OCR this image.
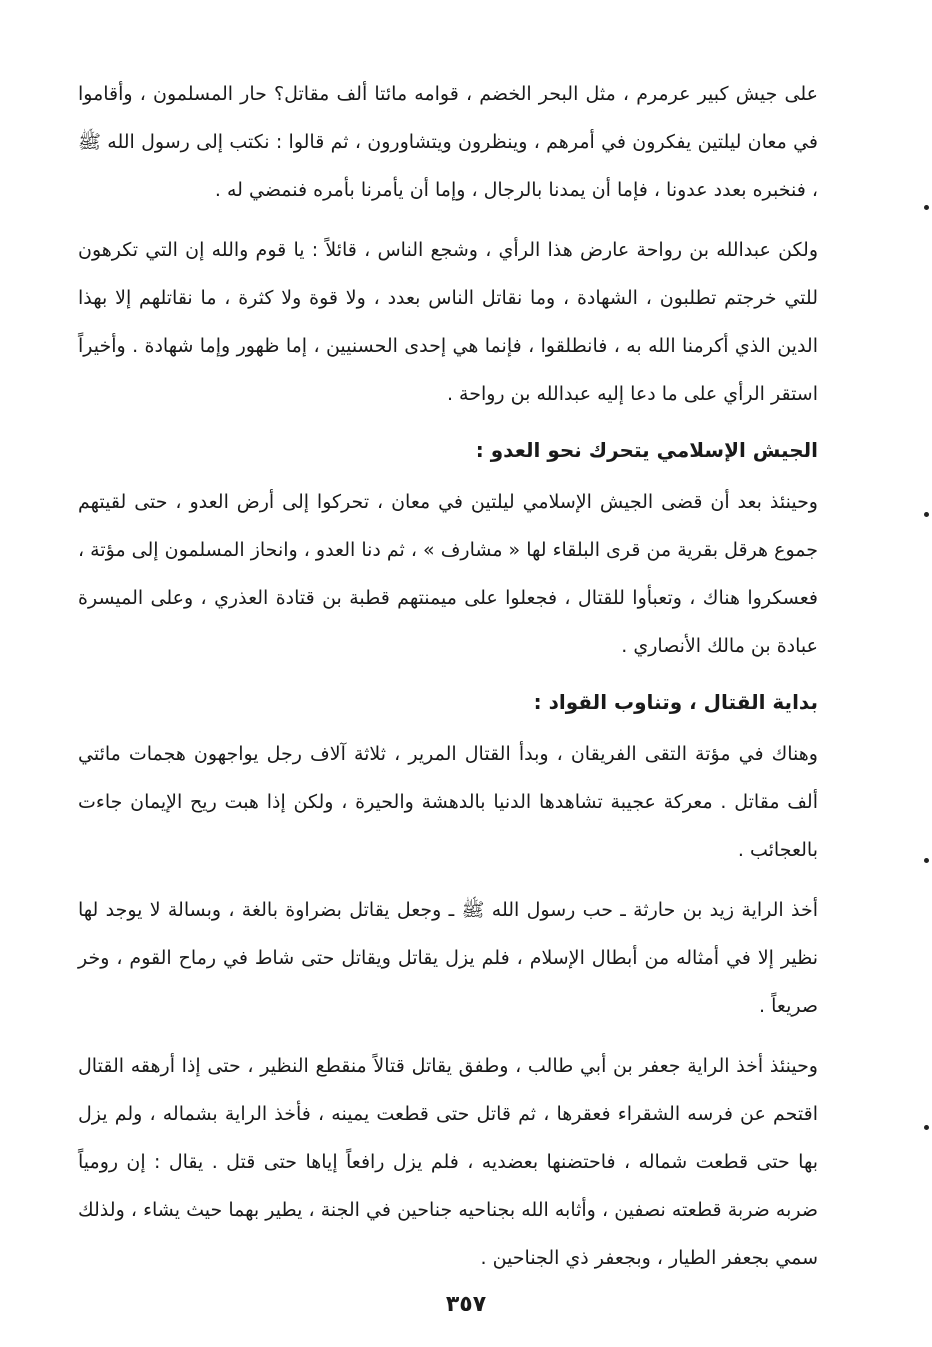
على جيش كبير عرمرم ، مثل البحر الخضم ، قوامه مائتا ألف مقاتل؟ حار المسلمون ، وأقاموا في معان ليلتين يفكرون في أمرهم ، وينظرون ويتشاورون ، ثم قالوا : نكتب إلى رسول الله ﷺ ، فنخبره بعدد عدونا ، فإما أن يمدنا بالرجال ، وإما أن يأمرنا بأمره فنمضي له .

ولكن عبدالله بن رواحة عارض هذا الرأي ، وشجع الناس ، قائلاً : يا قوم والله إن التي تكرهون للتي خرجتم تطلبون ، الشهادة ، وما نقاتل الناس بعدد ، ولا قوة ولا كثرة ، ما نقاتلهم إلا بهذا الدين الذي أكرمنا الله به ، فانطلقوا ، فإنما هي إحدى الحسنيين ، إما ظهور وإما شهادة . وأخيراً استقر الرأي على ما دعا إليه عبدالله بن رواحة .

الجيش الإسلامي يتحرك نحو العدو :

وحينئذ بعد أن قضى الجيش الإسلامي ليلتين في معان ، تحركوا إلى أرض العدو ، حتى لقيتهم جموع هرقل بقرية من قرى البلقاء لها « مشارف » ، ثم دنا العدو ، وانحاز المسلمون إلى مؤتة ، فعسكروا هناك ، وتعبأوا للقتال ، فجعلوا على ميمنتهم قطبة بن قتادة العذري ، وعلى الميسرة عبادة بن مالك الأنصاري .

بداية القتال ، وتناوب القواد :

وهناك في مؤتة التقى الفريقان ، وبدأ القتال المرير ، ثلاثة آلاف رجل يواجهون هجمات مائتي ألف مقاتل . معركة عجيبة تشاهدها الدنيا بالدهشة والحيرة ، ولكن إذا هبت ريح الإيمان جاءت بالعجائب .

أخذ الراية زيد بن حارثة ـ حب رسول الله ﷺ ـ وجعل يقاتل بضراوة بالغة ، وبسالة لا يوجد لها نظير إلا في أمثاله من أبطال الإسلام ، فلم يزل يقاتل ويقاتل حتى شاط في رماح القوم ، وخر صريعاً .

وحينئذ أخذ الراية جعفر بن أبي طالب ، وطفق يقاتل قتالاً منقطع النظير ، حتى إذا أرهقه القتال اقتحم عن فرسه الشقراء فعقرها ، ثم قاتل حتى قطعت يمينه ، فأخذ الراية بشماله ، ولم يزل بها حتى قطعت شماله ، فاحتضنها بعضديه ، فلم يزل رافعاً إياها حتى قتل . يقال : إن رومياً ضربه ضربة قطعته نصفين ، وأثابه الله بجناحيه جناحين في الجنة ، يطير بهما حيث يشاء ، ولذلك سمي بجعفر الطيار ، وبجعفر ذي الجناحين .

٣٥٧
